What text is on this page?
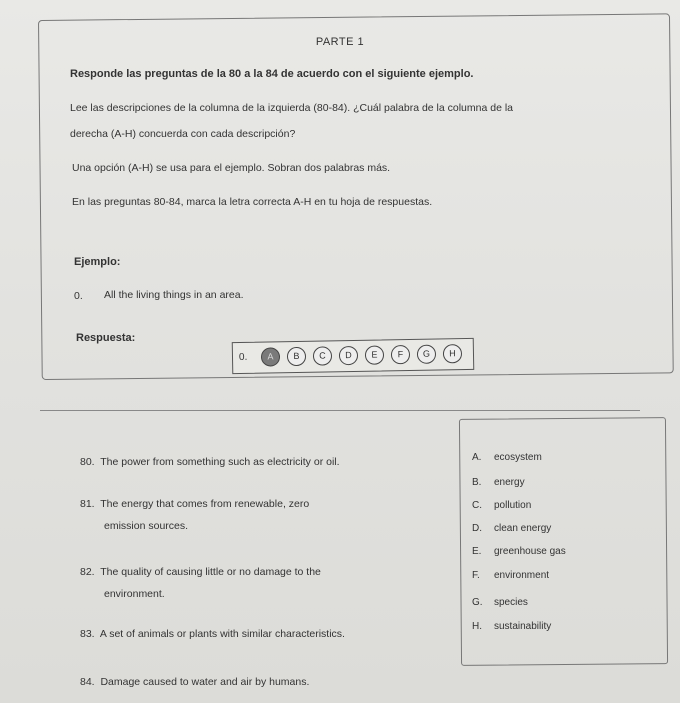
PARTE 1
Responde las preguntas de la 80 a la 84 de acuerdo con el siguiente ejemplo.
Lee las descripciones de la columna de la izquierda (80-84). ¿Cuál palabra de la columna de la
derecha (A-H) concuerda con cada descripción?
Una opción (A-H) se usa para el ejemplo. Sobran dos palabras más.
En las preguntas 80-84, marca la letra correcta A-H en tu hoja de respuestas.
Ejemplo:
0. All the living things in an area.
Respuesta:
0.	A	B	C	D	E	F	G	H
80. The power from something such as electricity or oil.
81. The energy that comes from renewable, zero
emission sources.
82. The quality of causing little or no damage to the
environment.
83. A set of animals or plants with similar characteristics.
84. Damage caused to water and air by humans.
A. ecosystem
B. energy
C. pollution
D. clean energy
E. greenhouse gas
F. environment
G. species
H. sustainability
